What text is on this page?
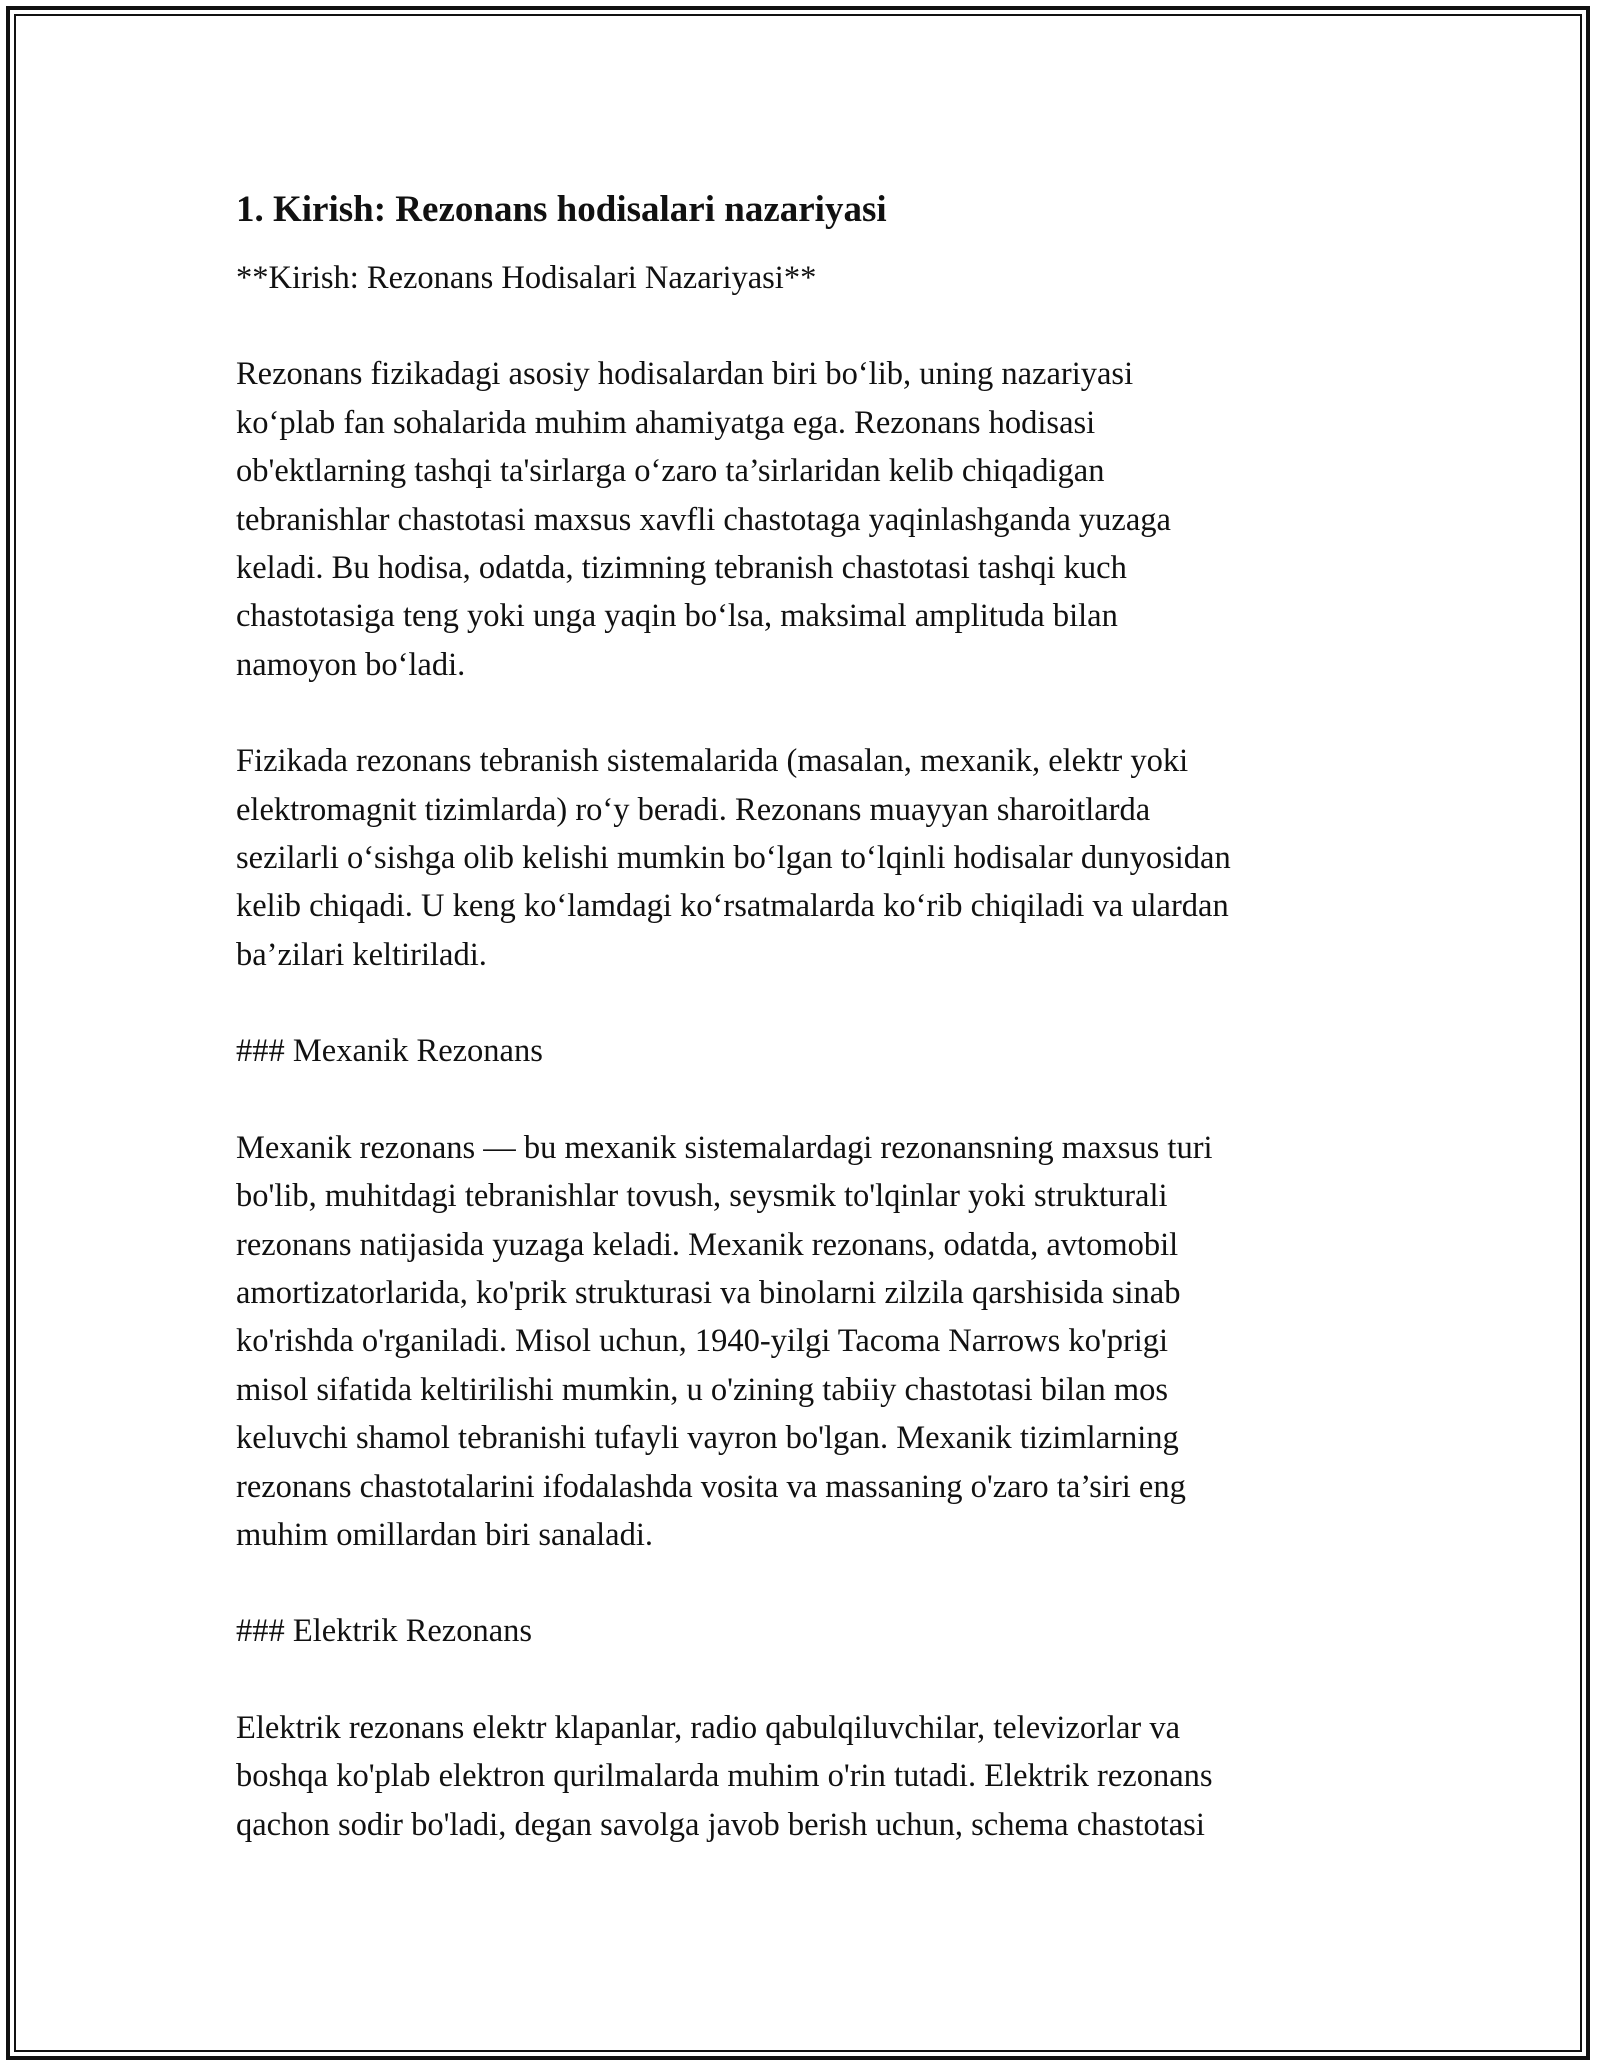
1. Kirish: Rezonans hodisalari nazariyasi

**Kirish: Rezonans Hodisalari Nazariyasi**

Rezonans fizikadagi asosiy hodisalardan biri bo‘lib, uning nazariyasi
ko‘plab fan sohalarida muhim ahamiyatga ega. Rezonans hodisasi
ob'ektlarning tashqi ta'sirlarga o‘zaro ta’sirlaridan kelib chiqadigan
tebranishlar chastotasi maxsus xavfli chastotaga yaqinlashganda yuzaga
keladi. Bu hodisa, odatda, tizimning tebranish chastotasi tashqi kuch
chastotasiga teng yoki unga yaqin bo‘lsa, maksimal amplituda bilan
namoyon bo‘ladi.

Fizikada rezonans tebranish sistemalarida (masalan, mexanik, elektr yoki
elektromagnit tizimlarda) ro‘y beradi. Rezonans muayyan sharoitlarda
sezilarli o‘sishga olib kelishi mumkin bo‘lgan to‘lqinli hodisalar dunyosidan
kelib chiqadi. U keng ko‘lamdagi ko‘rsatmalarda ko‘rib chiqiladi va ulardan
ba’zilari keltiriladi.

### Mexanik Rezonans

Mexanik rezonans — bu mexanik sistemalardagi rezonansning maxsus turi
bo'lib, muhitdagi tebranishlar tovush, seysmik to'lqinlar yoki strukturali
rezonans natijasida yuzaga keladi. Mexanik rezonans, odatda, avtomobil
amortizatorlarida, ko'prik strukturasi va binolarni zilzila qarshisida sinab
ko'rishda o'rganiladi. Misol uchun, 1940-yilgi Tacoma Narrows ko'prigi
misol sifatida keltirilishi mumkin, u o'zining tabiiy chastotasi bilan mos
keluvchi shamol tebranishi tufayli vayron bo'lgan. Mexanik tizimlarning
rezonans chastotalarini ifodalashda vosita va massaning o'zaro ta’siri eng
muhim omillardan biri sanaladi.

### Elektrik Rezonans

Elektrik rezonans elektr klapanlar, radio qabulqiluvchilar, televizorlar va
boshqa ko'plab elektron qurilmalarda muhim o'rin tutadi. Elektrik rezonans
qachon sodir bo'ladi, degan savolga javob berish uchun, schema chastotasi
